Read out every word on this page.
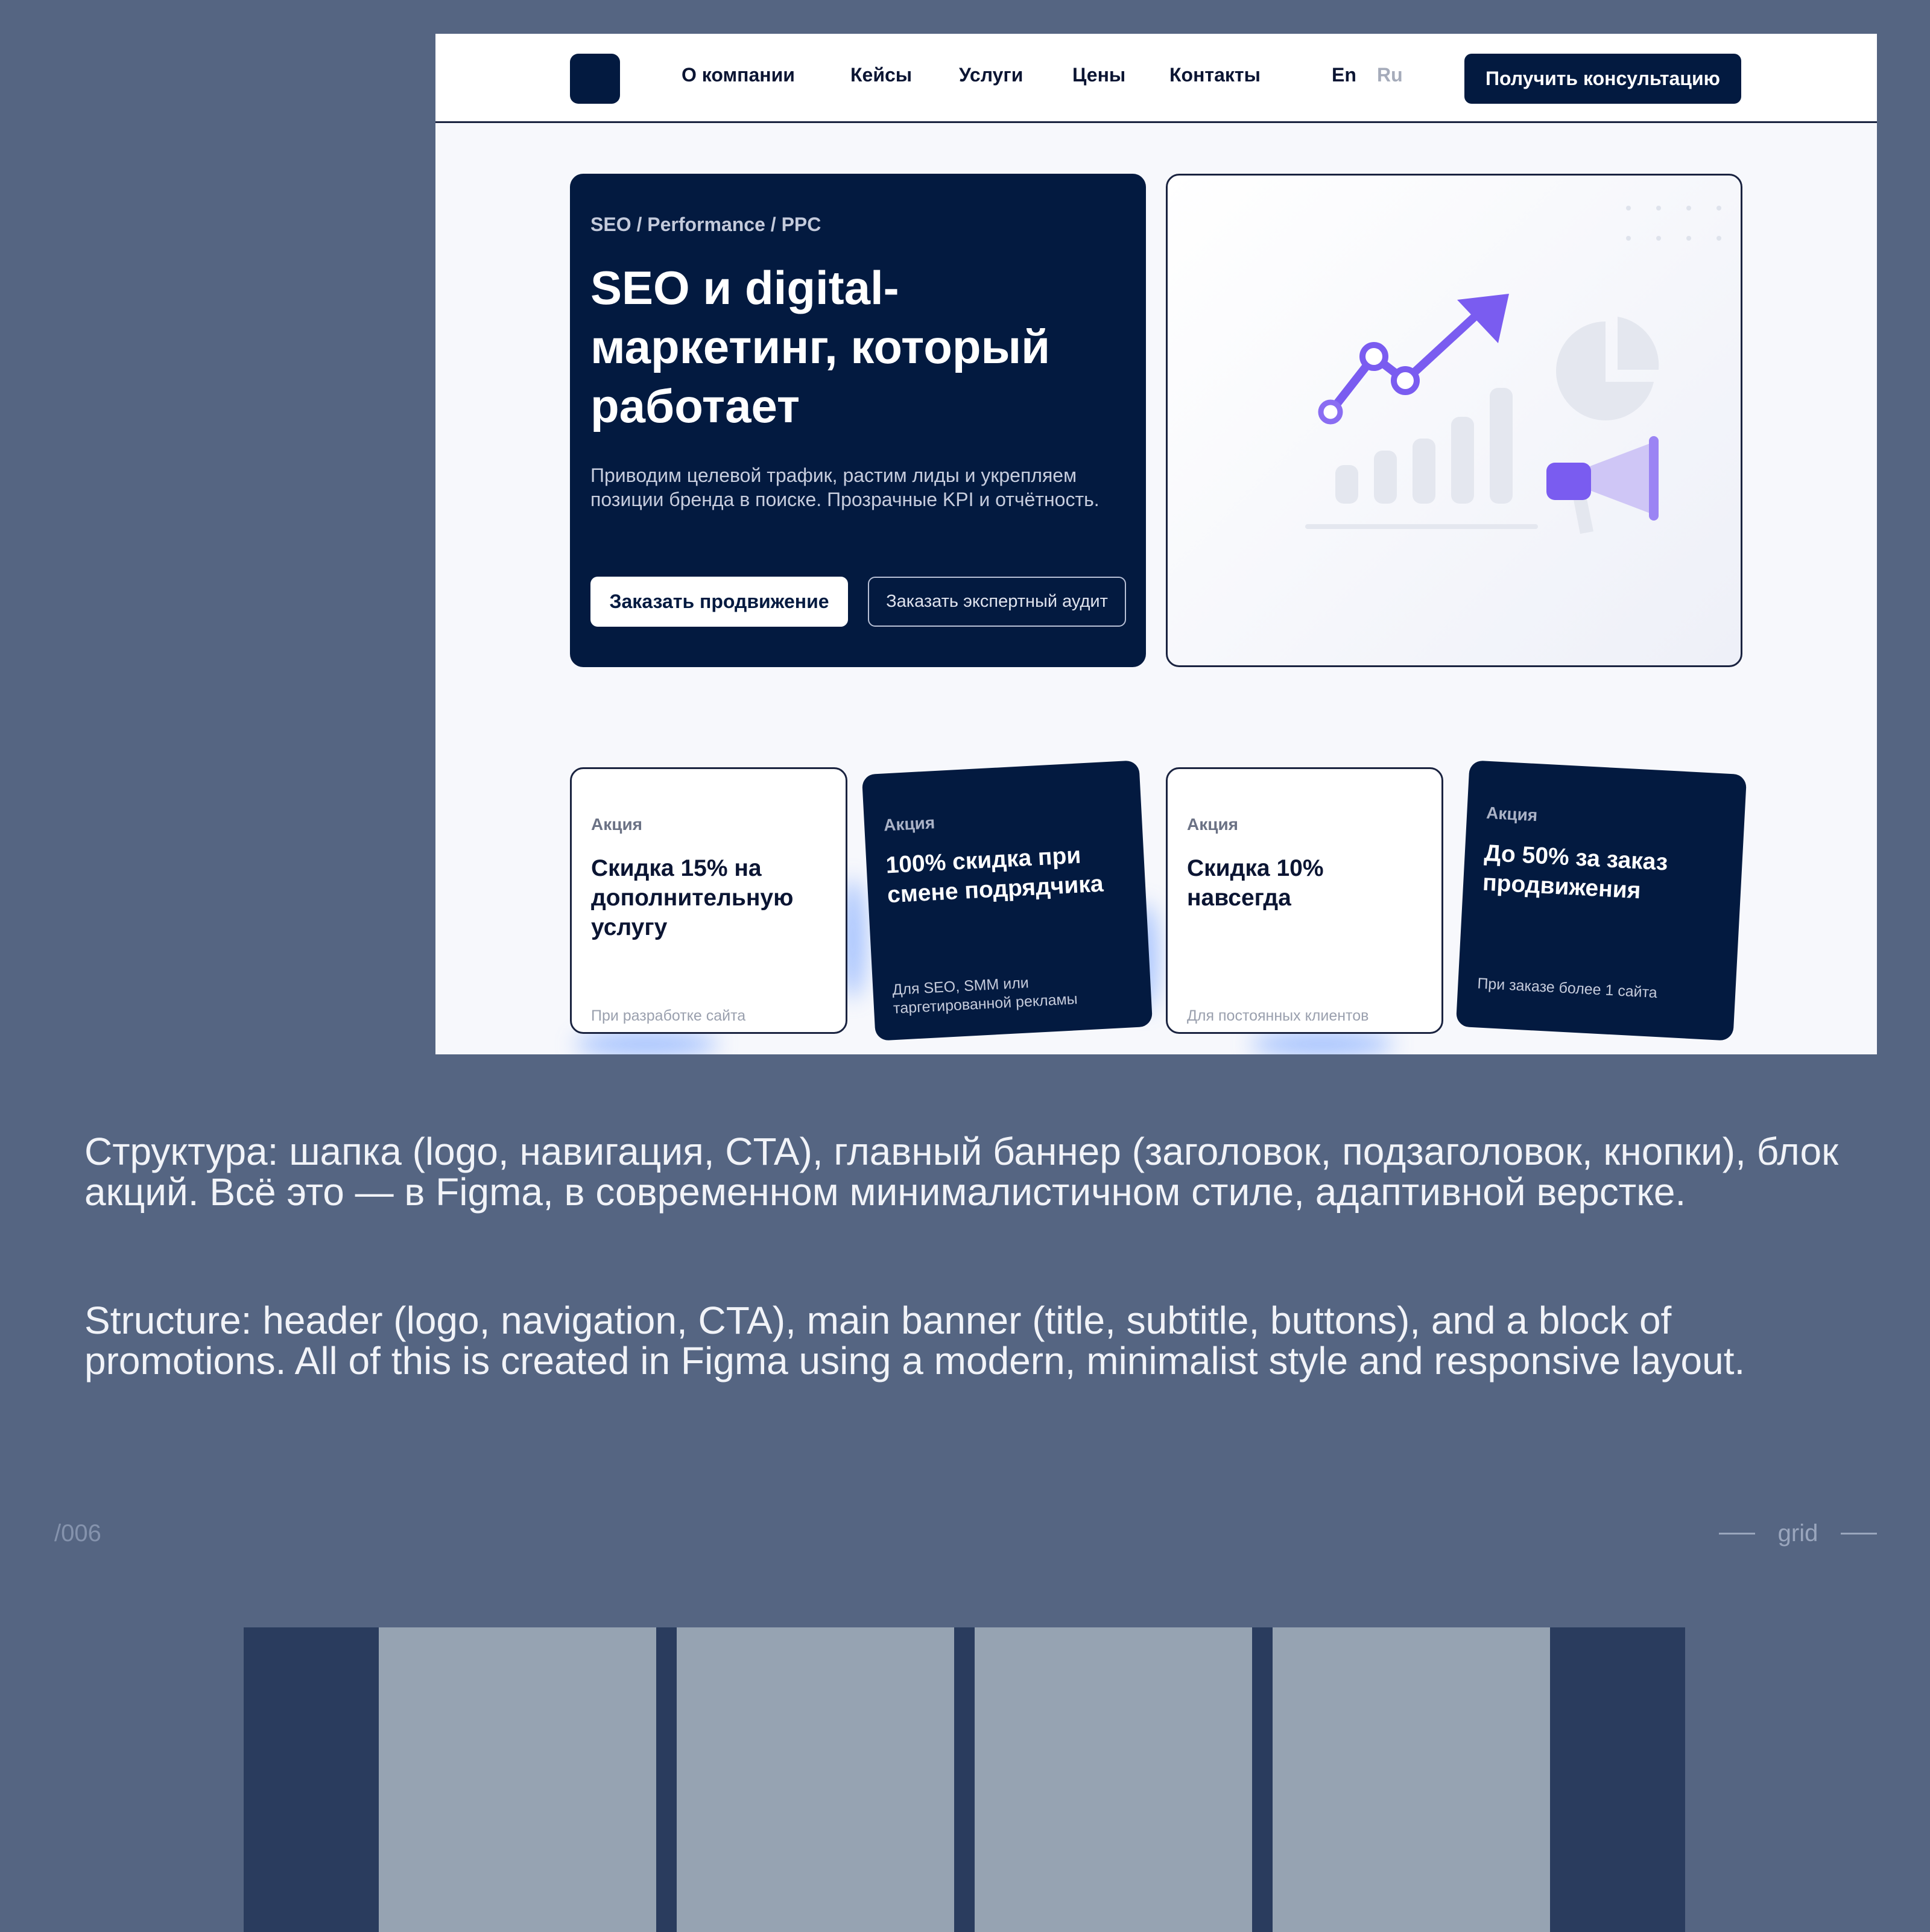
О компании	Кейсы Услуги	Цены Контакты	En Ru	Получить консультацию
SEO / Performance / PPC
SEO и digital-маркетинг, который работает
Приводим целевой трафик, растим лиды и укрепляем позиции бренда в поиске. Прозрачные KPI и отчётность.
Заказать продвижение	Заказать экспертный аудит
Акция
Скидка 15% на дополнительную услугу
При разработке сайта
Акция
100% скидка при смене подрядчика
Для SEO, SMM или таргетированной рекламы
Акция
Скидка 10% навсегда
Для постоянных клиентов
Акция
До 50% за заказ продвижения
При заказе более 1 сайта
Структура: шапка (logo, навигация, CTA), главный баннер (заголовок, подзаголовок, кнопки), блок акций. Всё это — в Figma, в современном минималистичном стиле, адаптивной верстке.
Structure: header (logo, navigation, CTA), main banner (title, subtitle, buttons), and a block of promotions. All of this is created in Figma using a modern, minimalist style and responsive layout.
/006	grid
